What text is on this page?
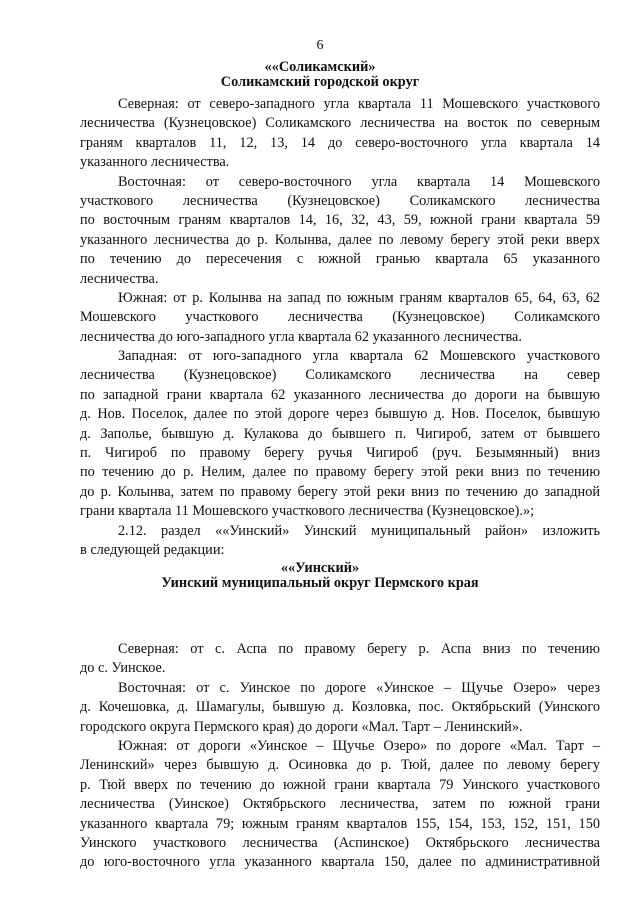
6
««Соликамский»
Соликамский городской округ
Северная: от северо-западного угла квартала 11 Мошевского участкового
лесничества (Кузнецовское) Соликамского лесничества на восток по северным
граням кварталов 11, 12, 13, 14 до северо-восточного угла квартала 14
указанного лесничества.
Восточная: от северо-восточного угла квартала 14 Мошевского
участкового лесничества (Кузнецовское) Соликамского лесничества
по восточным граням кварталов 14, 16, 32, 43, 59, южной грани квартала 59
указанного лесничества до р. Колынва, далее по левому берегу этой реки вверх
по течению до пересечения с южной гранью квартала 65 указанного
лесничества.
Южная: от р. Колынва на запад по южным граням кварталов 65, 64, 63, 62
Мошевского участкового лесничества (Кузнецовское) Соликамского
лесничества до юго-западного угла квартала 62 указанного лесничества.
Западная: от юго-западного угла квартала 62 Мошевского участкового
лесничества (Кузнецовское) Соликамского лесничества на север
по западной грани квартала 62 указанного лесничества до дороги на бывшую
д. Нов. Поселок, далее по этой дороге через бывшую д. Нов. Поселок, бывшую
д. Заполье, бывшую д. Кулакова до бывшего п. Чигироб, затем от бывшего
п. Чигироб по правому берегу ручья Чигироб (руч. Безымянный) вниз
по течению до р. Нелим, далее по правому берегу этой реки вниз по течению
до р. Колынва, затем по правому берегу этой реки вниз по течению до западной
грани квартала 11 Мошевского участкового лесничества (Кузнецовское).»;
2.12. раздел ««Уинский» Уинский муниципальный район» изложить
в следующей редакции:
««Уинский»
Уинский муниципальный округ Пермского края
Северная: от с. Аспа по правому берегу р. Аспа вниз по течению
до с. Уинское.
Восточная: от с. Уинское по дороге «Уинское – Щучье Озеро» через
д. Кочешовка, д. Шамагулы, бывшую д. Козловка, пос. Октябрьский (Уинского
городского округа Пермского края) до дороги «Мал. Тарт – Ленинский».
Южная: от дороги «Уинское – Щучье Озеро» по дороге «Мал. Тарт –
Ленинский» через бывшую д. Осиновка до р. Тюй, далее по левому берегу
р. Тюй вверх по течению до южной грани квартала 79 Уинского участкового
лесничества (Уинское) Октябрьского лесничества, затем по южной грани
указанного квартала 79; южным граням кварталов 155, 154, 153, 152, 151, 150
Уинского участкового лесничества (Аспинское) Октябрьского лесничества
до юго-восточного угла указанного квартала 150, далее по административной
